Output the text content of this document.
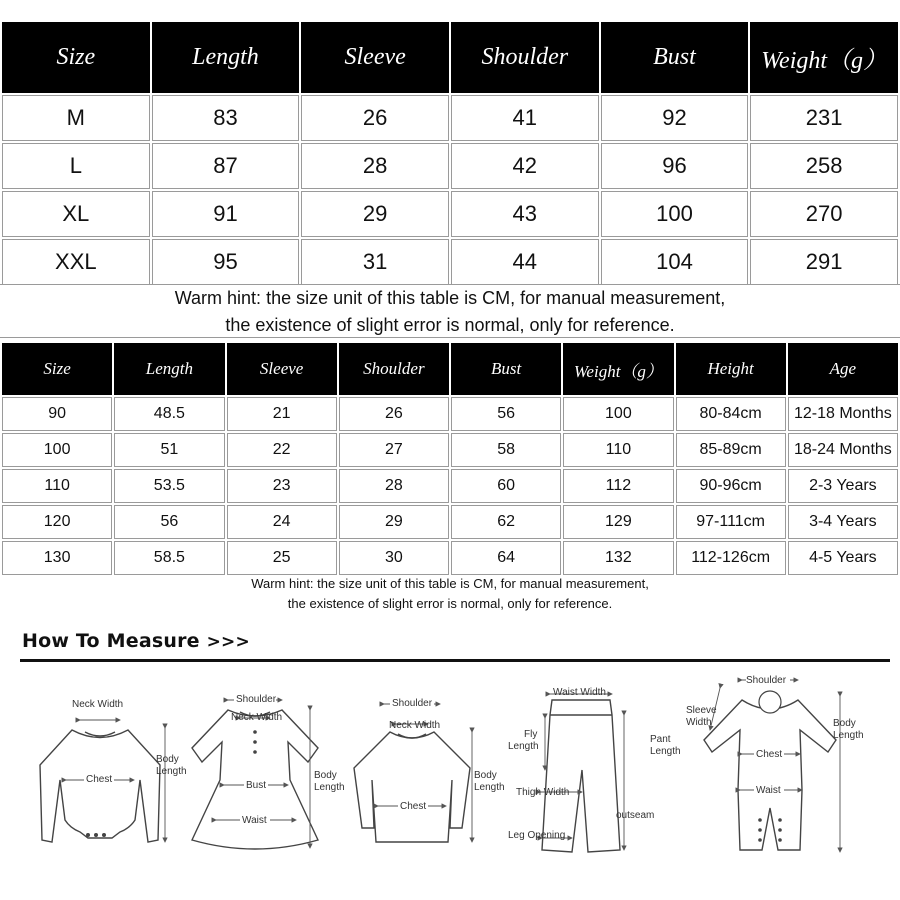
Size	Length	Sleeve	Shoulder	Bust	Weight（g）
M	83	26	41	92	231
L	87	28	42	96	258
XL	91	29	43	100	270
XXL	95	31	44	104	291
Warm hint: the size unit of this table is CM, for manual measurement,
the existence of slight error is normal, only for reference.
Size	Length	Sleeve	Shoulder	Bust	Weight（g）	Height	Age
90	48.5	21	26	56	100	80-84cm	12-18 Months
100	51	22	27	58	110	85-89cm	18-24 Months
110	53.5	23	28	60	112	90-96cm	2-3 Years
120	56	24	29	62	129	97-111cm	3-4 Years
130	58.5	25	30	64	132	112-126cm	4-5 Years
Warm hint: the size unit of this table is CM, for manual measurement,
the existence of slight error is normal, only for reference.
How To Measure >>>
Neck Width
Chest
Body
Length
Shoulder
Neck Width
Bust
Waist
Body
Length
Shoulder
Neck Width
Chest
Body
Length
Waist Width
Fly
Length
Pant
Length
Thigh Width
outseam
Leg Opening
Shoulder
Sleeve
Width
Chest
Waist
Body
Length
